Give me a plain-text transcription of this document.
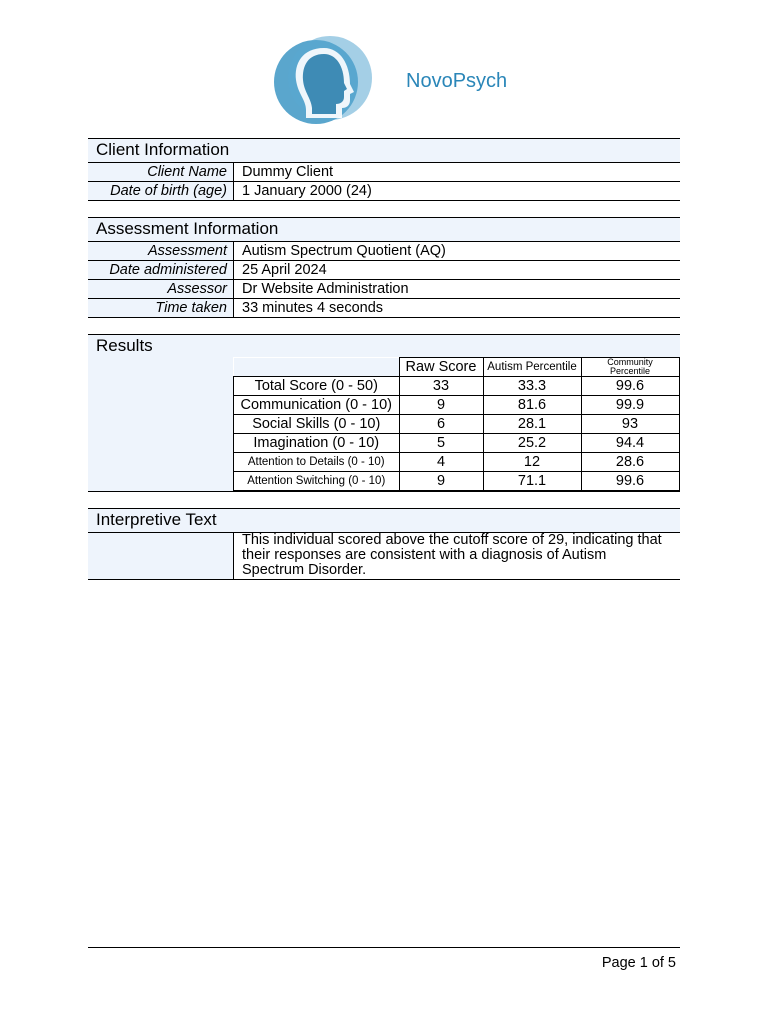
NovoPsych
Client Information
Client Name	Dummy Client
Date of birth (age)	1 January 2000 (24)
Assessment Information
Assessment	Autism Spectrum Quotient (AQ)
Date administered	25 April 2024
Assessor	Dr Website Administration
Time taken	33 minutes 4 seconds
Results
	Raw Score	Autism Percentile	Community Percentile
Total Score (0 - 50)	33	33.3	99.6
Communication (0 - 10)	9	81.6	99.9
Social Skills (0 - 10)	6	28.1	93
Imagination (0 - 10)	5	25.2	94.4
Attention to Details (0 - 10)	4	12	28.6
Attention Switching (0 - 10)	9	71.1	99.6
Interpretive Text
This individual scored above the cutoff score of 29, indicating that their responses are consistent with a diagnosis of Autism Spectrum Disorder.
Page 1 of 5
